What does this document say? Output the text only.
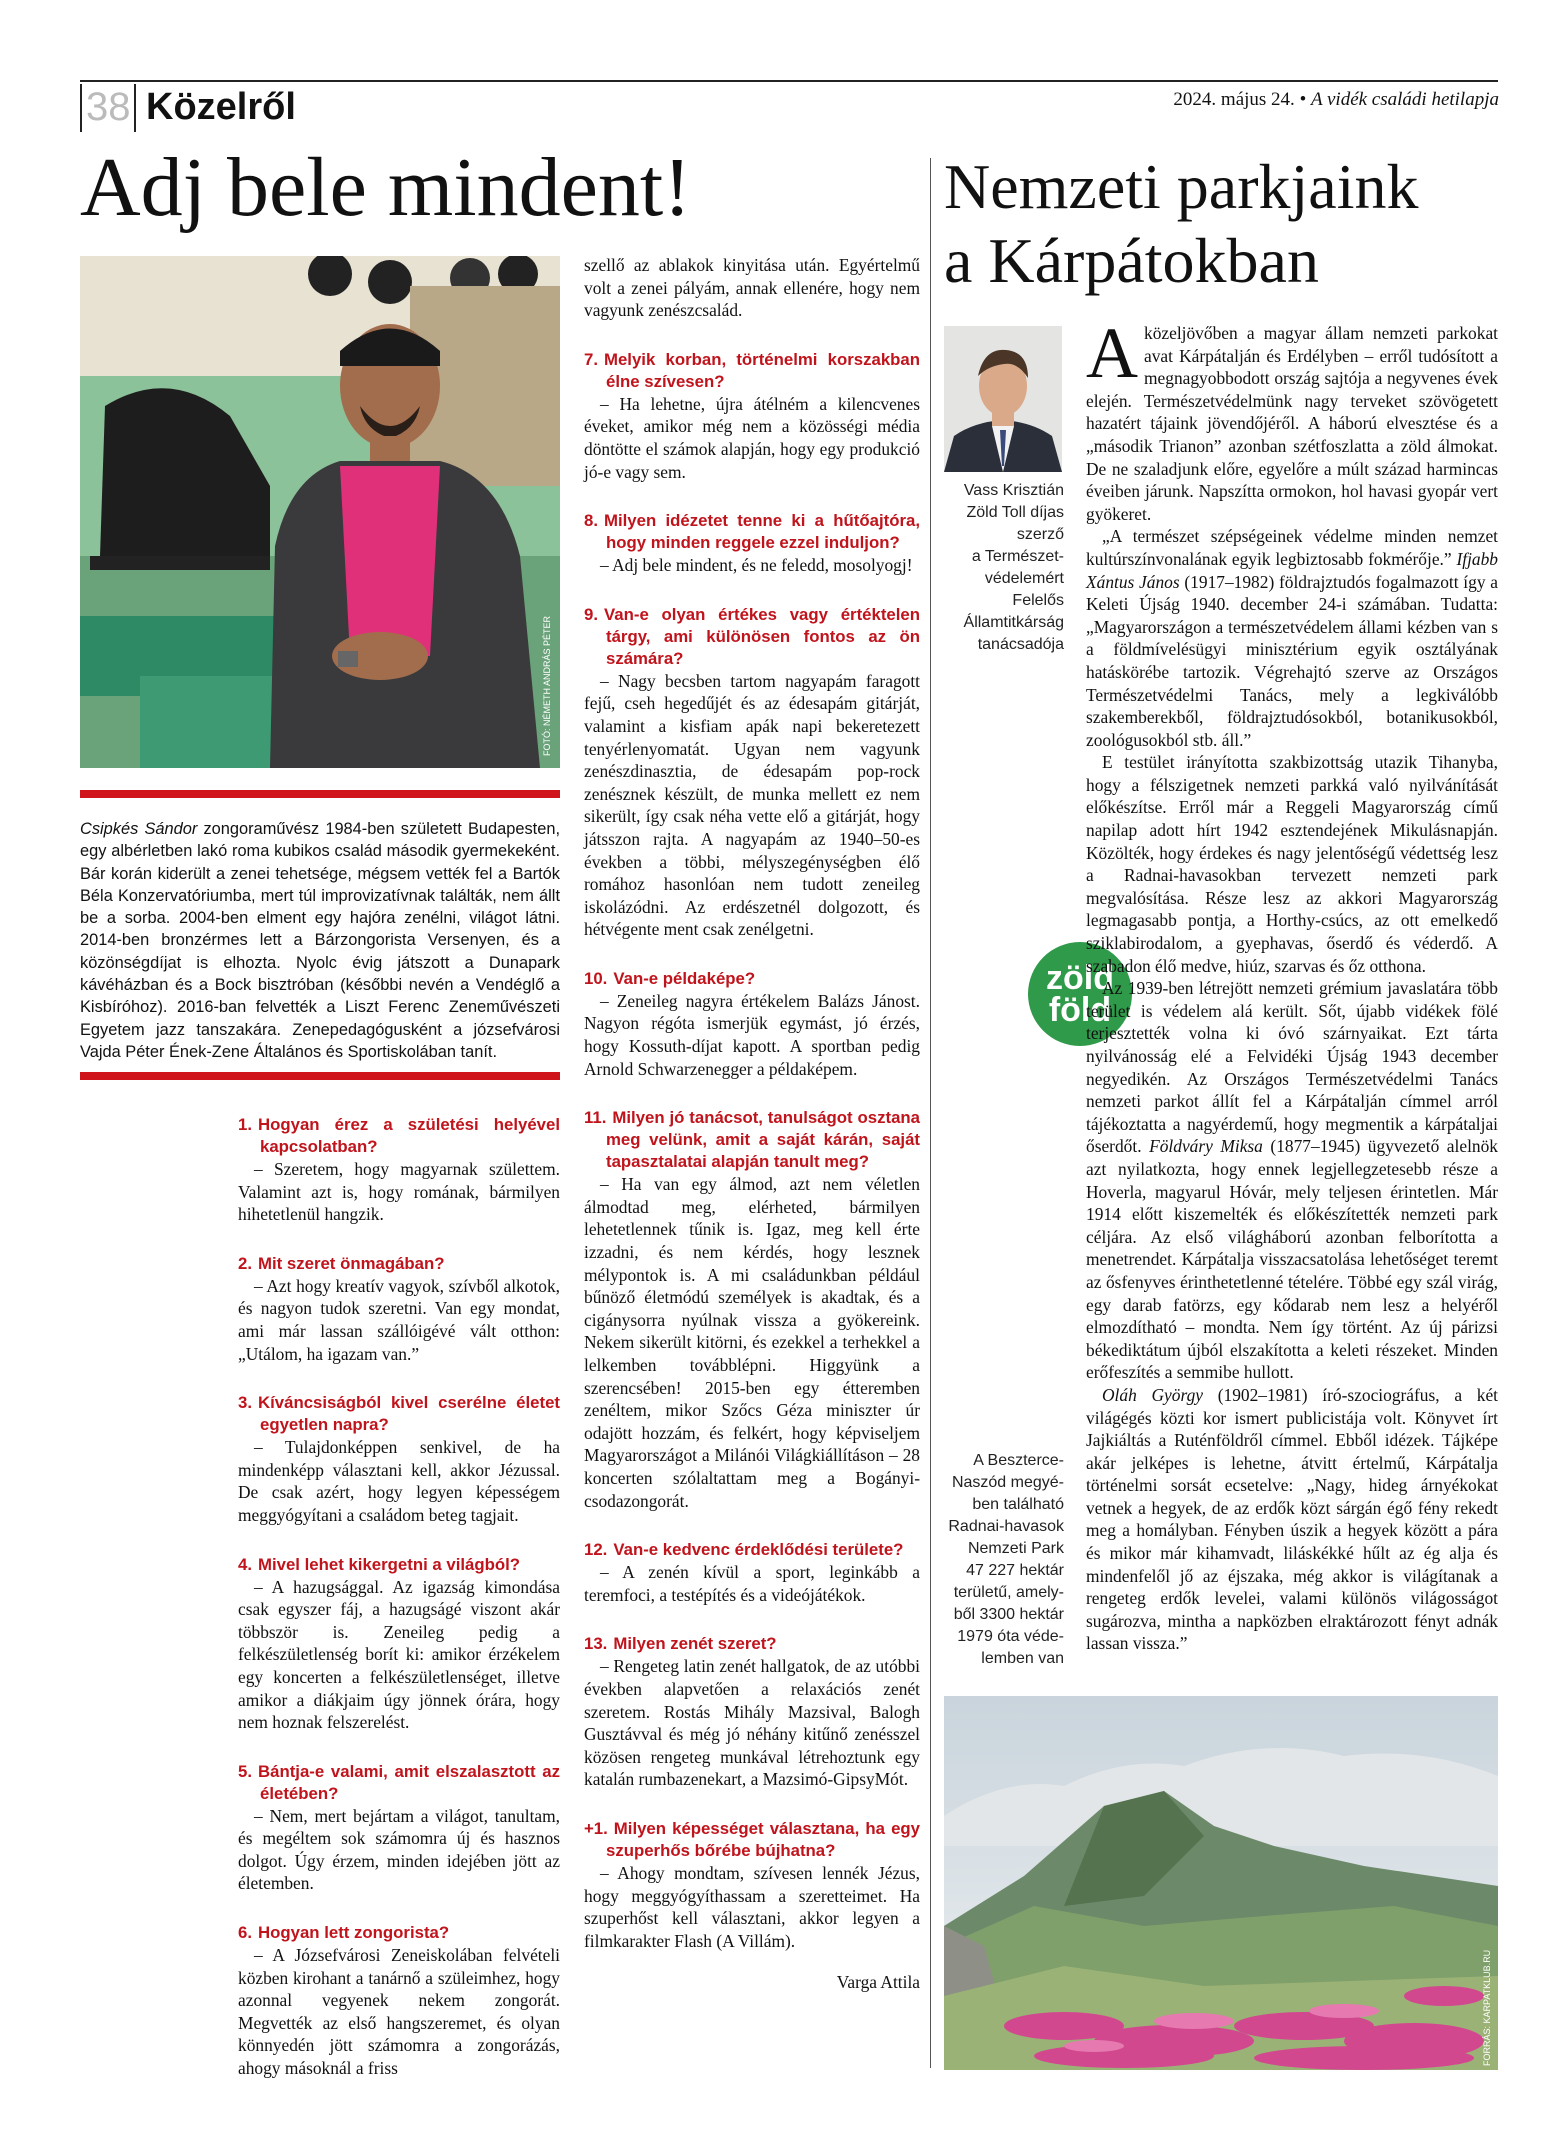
38 Közelről	2024. május 24. • A vidék családi hetilapja
Adj bele mindent!
FOTÓ: NÉMETH ANDRÁS PÉTER
Csipkés Sándor zongoraművész 1984-ben született Budapesten, egy albérletben lakó roma kubikos család második gyermekeként. Bár korán kiderült a zenei tehetsége, mégsem vették fel a Bartók Béla Konzervatóriumba, mert túl improvizatívnak találták, nem állt be a sorba. 2004-ben elment egy hajóra zenélni, világot látni. 2014-ben bronzérmes lett a Bárzongorista Versenyen, és a közönségdíjat is elhozta. Nyolc évig játszott a Dunapark kávéházban és a Bock bisztróban (későbbi nevén a Vendéglő a Kisbíróhoz). 2016-ban felvették a Liszt Ferenc Zeneművészeti Egyetem jazz tanszakára. Zenepedagógusként a józsefvárosi Vajda Péter Ének-Zene Általános és Sportiskolában tanít.
1. Hogyan érez a születési helyével kapcsolatban?

– Szeretem, hogy magyarnak születtem. Valamint azt is, hogy romának, bármilyen hihetetlenül hangzik.

2. Mit szeret önmagában?

– Azt hogy kreatív vagyok, szívből alkotok, és nagyon tudok szeretni. Van egy mondat, ami már lassan szállóigévé vált otthon: „Utálom, ha igazam van.”

3. Kíváncsiságból kivel cserélne életet egyetlen napra?

– Tulajdonképpen senkivel, de ha mindenképp választani kell, akkor Jézussal. De csak azért, hogy legyen képességem meggyógyítani a családom beteg tagjait.

4. Mivel lehet kikergetni a világból?

– A hazugsággal. Az igazság kimondása csak egyszer fáj, a hazugságé viszont akár többször is. Zeneileg pedig a felkészületlenség borít ki: amikor érzékelem egy koncerten a felkészületlenséget, illetve amikor a diákjaim úgy jönnek órára, hogy nem hoznak felszerelést.

5. Bántja-e valami, amit elszalasztott az életében?

– Nem, mert bejártam a világot, tanultam, és megéltem sok számomra új és hasznos dolgot. Úgy érzem, minden idejében jött az életemben.

6. Hogyan lett zongorista?

– A Józsefvárosi Zeneiskolában felvételi közben kirohant a tanárnő a szüleimhez, hogy azonnal vegyenek nekem zongorát. Megvették az első hangszeremet, és olyan könnyedén jött számomra a zongorázás, ahogy másoknál a friss

szellő az ablakok kinyitása után. Egyértelmű volt a zenei pályám, annak ellenére, hogy nem vagyunk zenészcsalád.

7. Melyik korban, történelmi korszakban élne szívesen?

– Ha lehetne, újra átélném a kilencvenes éveket, amikor még nem a közösségi média döntötte el számok alapján, hogy egy produkció jó-e vagy sem.

8. Milyen idézetet tenne ki a hűtőajtóra, hogy minden reggele ezzel induljon?

– Adj bele mindent, és ne feledd, mosolyogj!

9. Van-e olyan értékes vagy értéktelen tárgy, ami különösen fontos az ön számára?

– Nagy becsben tartom nagyapám faragott fejű, cseh hegedűjét és az édesapám gitárját, valamint a kisfiam apák napi bekeretezett tenyérlenyomatát. Ugyan nem vagyunk zenészdinasztia, de édesapám pop-rock zenésznek készült, de munka mellett ez nem sikerült, így csak néha vette elő a gitárját, hogy játsszon rajta. A nagyapám az 1940–50-es években a többi, mélyszegénységben élő romához hasonlóan nem tudott zeneileg iskolázódni. Az erdészetnél dolgozott, és hétvégente ment csak zenélgetni.

10. Van-e példaképe?

– Zeneileg nagyra értékelem Balázs Jánost. Nagyon régóta ismerjük egymást, jó érzés, hogy Kossuth-díjat kapott. A sportban pedig Arnold Schwarzenegger a példaképem.

11. Milyen jó tanácsot, tanulságot osztana meg velünk, amit a saját kárán, saját tapasztalatai alapján tanult meg?

– Ha van egy álmod, azt nem véletlen álmodtad meg, elérheted, bármilyen lehetetlennek tűnik is. Igaz, meg kell érte izzadni, és nem kérdés, hogy lesznek mélypontok is. A mi családunkban például bűnöző életmódú személyek is akadtak, és a cigánysorra nyúlnak vissza a gyökereink. Nekem sikerült kitörni, és ezekkel a terhekkel a lelkemben továbblépni. Higgyünk a szerencsében! 2015-ben egy étteremben zenéltem, mikor Szőcs Géza miniszter úr odajött hozzám, és felkért, hogy képviseljem Magyarországot a Milánói Világkiállításon – 28 koncerten szólaltattam meg a Bogányi-csodazongorát.

12. Van-e kedvenc érdeklődési területe?

– A zenén kívül a sport, leginkább a teremfoci, a testépítés és a videójátékok.

13. Milyen zenét szeret?

– Rengeteg latin zenét hallgatok, de az utóbbi években alapvetően a relaxációs zenét szeretem. Rostás Mihály Mazsival, Balogh Gusztávval és még jó néhány kitűnő zenésszel közösen rengeteg munkával létrehoztunk egy katalán rumbazenekart, a Mazsimó-GipsyMót.

+1. Milyen képességet választana, ha egy szuperhős bőrébe bújhatna?

– Ahogy mondtam, szívesen lennék Jézus, hogy meggyógyíthassam a szeretteimet. Ha szuperhőst kell választani, akkor legyen a filmkarakter Flash (A Villám).

Varga Attila
Nemzeti parkjaink
a Kárpátokban
Vass Krisztián
Zöld Toll díjas
szerző
a Természet-
védelemért
Felelős
Államtitkárság
tanácsadója
zöld
föld
A Beszterce-
Naszód megyé-
ben található
Radnai-havasok
Nemzeti Park
47 227 hektár
területű, amely-
ből 3300 hektár
1979 óta véde-
lemben van

Aközeljövőben a magyar állam nemzeti parkokat avat Kárpátalján és Erdélyben – erről tudósított a megnagyobbodott ország sajtója a negyvenes évek elején. Természetvédelmünk nagy terveket szövögetett hazatért tájaink jövendőjéről. A háború elvesztése és a „második Trianon” azonban szétfoszlatta a zöld álmokat. De ne szaladjunk előre, egyelőre a múlt század harmincas éveiben járunk. Napszítta ormokon, hol havasi gyopár vert gyökeret.

„A természet szépségeinek védelme minden nemzet kultúrszínvonalának egyik legbiztosabb fokmérője.” Ifjabb Xántus János (1917–1982) földrajztudós fogalmazott így a Keleti Újság 1940. december 24-i számában. Tudatta: „Magyarországon a természetvédelem állami kézben van s a földmívelésügyi minisztérium egyik osztályának hatáskörébe tartozik. Végrehajtó szerve az Országos Természetvédelmi Tanács, mely a legkiválóbb szakemberekből, földrajztudósokból, botanikusokból, zoológusokból stb. áll.”

E testület irányította szakbizottság utazik Tihanyba, hogy a félszigetnek nemzeti parkká való nyilvánítását előkészítse. Erről már a Reggeli Magyarország című napilap adott hírt 1942 esztendejének Mikulásnapján. Közölték, hogy érdekes és nagy jelentőségű védettség lesz a Radnai-havasokban tervezett nemzeti park megvalósítása. Része lesz az akkori Magyarország legmagasabb pontja, a Horthy-csúcs, az ott emelkedő sziklabirodalom, a gyephavas, őserdő és véderdő. A szabadon élő medve, hiúz, szarvas és őz otthona.

Az 1939-ben létrejött nemzeti grémium javaslatára több terület is védelem alá került. Sőt, újabb vidékek fölé terjesztették volna ki óvó szárnyaikat. Ezt tárta nyilvánosság elé a Felvidéki Újság 1943 december negyedikén. Az Országos Természetvédelmi Tanács nemzeti parkot állít fel a Kárpátalján címmel arról tájékoztatta a nagyérdemű, hogy megmentik a kárpátaljai őserdőt. Földváry Miksa (1877–1945) ügyvezető alelnök azt nyilatkozta, hogy ennek legjellegzetesebb része a Hoverla, magyarul Hóvár, mely teljesen érintetlen. Már 1914 előtt kiszemelték és előkészítették nemzeti park céljára. Az első világháború azonban felborította a menetrendet. Kárpátalja visszacsatolása lehetőséget teremt az ősfenyves érinthetetlenné tételére. Többé egy szál virág, egy darab fatörzs, egy kődarab nem lesz a helyéről elmozdítható – mondta. Nem így történt. Az új párizsi békediktátum újból elszakította a keleti részeket. Minden erőfeszítés a semmibe hullott.

Oláh György (1902–1981) író-szociográfus, a két világégés közti kor ismert publicistája volt. Könyvet írt Jajkiáltás a Ruténföldről címmel. Ebből idézek. Tájképe akár jelképes is lehetne, átvitt értelmű, Kárpátalja történelmi sorsát ecsetelve: „Nagy, hideg árnyékokat vetnek a hegyek, de az erdők közt sárgán égő fény rekedt meg a homályban. Fényben úszik a hegyek között a pára és mikor már kihamvadt, liláskékké hűlt az ég alja és mindenfelől jő az éjszaka, még akkor is világítanak a rengeteg erdők levelei, valami különös világosságot sugározva, mintha a napközben elraktározott fényt adnák lassan vissza.”

FORRÁS: KARPATKLUB.RU
